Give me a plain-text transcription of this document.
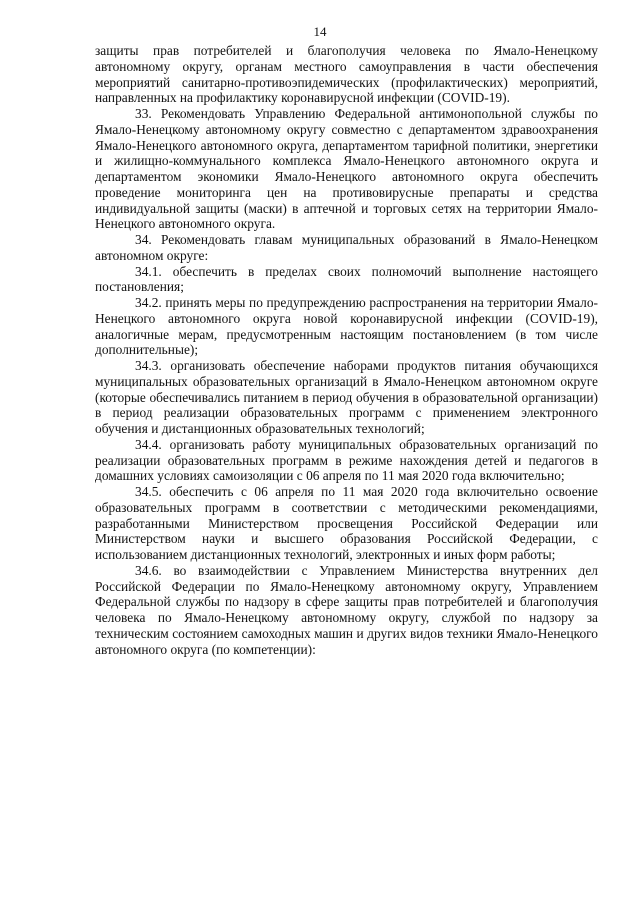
14

защиты прав потребителей и благополучия человека по Ямало-Ненецкому автономному округу, органам местного самоуправления в части обеспечения мероприятий санитарно-противоэпидемических (профилактических) мероприятий, направленных на профилактику коронавирусной инфекции (COVID-19).

33. Рекомендовать Управлению Федеральной антимонопольной службы по Ямало-Ненецкому автономному округу совместно с департаментом здравоохранения Ямало-Ненецкого автономного округа, департаментом тарифной политики, энергетики и жилищно-коммунального комплекса Ямало-Ненецкого автономного округа и департаментом экономики Ямало-Ненецкого автономного округа обеспечить проведение мониторинга цен на противовирусные препараты и средства индивидуальной защиты (маски) в аптечной и торговых сетях на территории Ямало-Ненецкого автономного округа.

34. Рекомендовать главам муниципальных образований в Ямало-Ненецком автономном округе:

34.1. обеспечить в пределах своих полномочий выполнение настоящего постановления;

34.2. принять меры по предупреждению распространения на территории Ямало-Ненецкого автономного округа новой коронавирусной инфекции (COVID-19), аналогичные мерам, предусмотренным настоящим постановлением (в том числе дополнительные);

34.3. организовать обеспечение наборами продуктов питания обучающихся муниципальных образовательных организаций в Ямало-Ненецком автономном округе (которые обеспечивались питанием в период обучения в образовательной организации) в период реализации образовательных программ с применением электронного обучения и дистанционных образовательных технологий;

34.4. организовать работу муниципальных образовательных организаций по реализации образовательных программ в режиме нахождения детей и педагогов в домашних условиях самоизоляции с 06 апреля по 11 мая 2020 года включительно;

34.5. обеспечить с 06 апреля по 11 мая 2020 года включительно освоение образовательных программ в соответствии с методическими рекомендациями, разработанными Министерством просвещения Российской Федерации или Министерством науки и высшего образования Российской Федерации, с использованием дистанционных технологий, электронных и иных форм работы;

34.6. во взаимодействии с Управлением Министерства внутренних дел Российской Федерации по Ямало-Ненецкому автономному округу, Управлением Федеральной службы по надзору в сфере защиты прав потребителей и благополучия человека по Ямало-Ненецкому автономному округу, службой по надзору за техническим состоянием самоходных машин и других видов техники Ямало-Ненецкого автономного округа (по компетенции):
